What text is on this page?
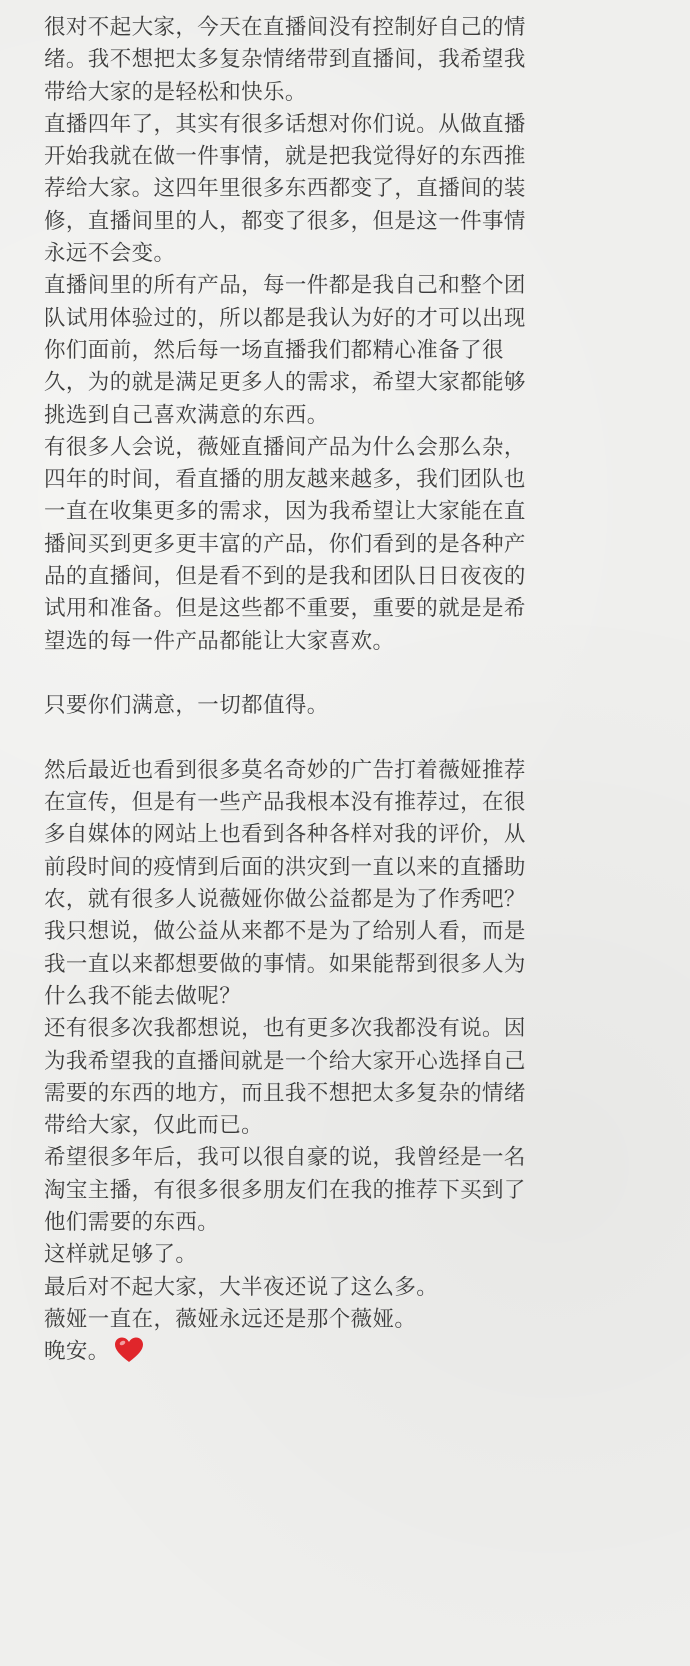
很对不起大家，今天在直播间没有控制好自己的情
绪。我不想把太多复杂情绪带到直播间，我希望我
带给大家的是轻松和快乐。
直播四年了，其实有很多话想对你们说。从做直播
开始我就在做一件事情，就是把我觉得好的东西推
荐给大家。这四年里很多东西都变了，直播间的装
修，直播间里的人，都变了很多，但是这一件事情
永远不会变。
直播间里的所有产品，每一件都是我自己和整个团
队试用体验过的，所以都是我认为好的才可以出现
你们面前，然后每一场直播我们都精心准备了很
久，为的就是满足更多人的需求，希望大家都能够
挑选到自己喜欢满意的东西。
有很多人会说，薇娅直播间产品为什么会那么杂，
四年的时间，看直播的朋友越来越多，我们团队也
一直在收集更多的需求，因为我希望让大家能在直
播间买到更多更丰富的产品，你们看到的是各种产
品的直播间，但是看不到的是我和团队日日夜夜的
试用和准备。但是这些都不重要，重要的就是是希
望选的每一件产品都能让大家喜欢。
只要你们满意，一切都值得。
然后最近也看到很多莫名奇妙的广告打着薇娅推荐
在宣传，但是有一些产品我根本没有推荐过，在很
多自媒体的网站上也看到各种各样对我的评价，从
前段时间的疫情到后面的洪灾到一直以来的直播助
农，就有很多人说薇娅你做公益都是为了作秀吧？
我只想说，做公益从来都不是为了给别人看，而是
我一直以来都想要做的事情。如果能帮到很多人为
什么我不能去做呢？
还有很多次我都想说，也有更多次我都没有说。因
为我希望我的直播间就是一个给大家开心选择自己
需要的东西的地方，而且我不想把太多复杂的情绪
带给大家，仅此而已。
希望很多年后，我可以很自豪的说，我曾经是一名
淘宝主播，有很多很多朋友们在我的推荐下买到了
他们需要的东西。
这样就足够了。
最后对不起大家，大半夜还说了这么多。
薇娅一直在，薇娅永远还是那个薇娅。
晚安。
